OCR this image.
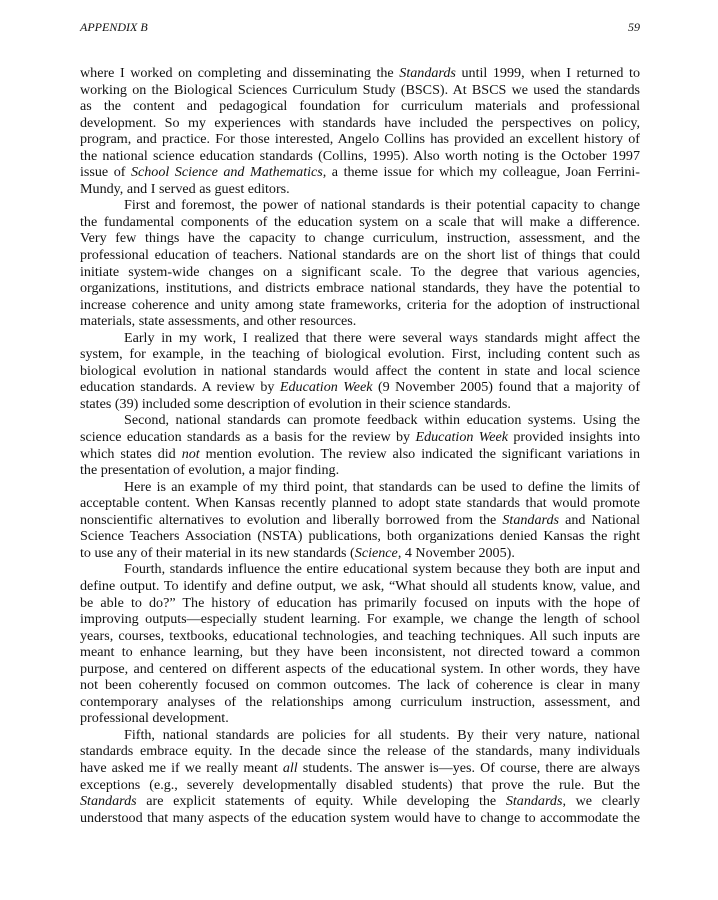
APPENDIX B	59
where I worked on completing and disseminating the Standards until 1999, when I returned to
working on the Biological Sciences Curriculum Study (BSCS). At BSCS we used the standards
as the content and pedagogical foundation for curriculum materials and professional
development. So my experiences with standards have included the perspectives on policy,
program, and practice. For those interested, Angelo Collins has provided an excellent history of
the national science education standards (Collins, 1995). Also worth noting is the October 1997
issue of School Science and Mathematics, a theme issue for which my colleague, Joan Ferrini-
Mundy, and I served as guest editors.
First and foremost, the power of national standards is their potential capacity to change
the fundamental components of the education system on a scale that will make a difference.
Very few things have the capacity to change curriculum, instruction, assessment, and the
professional education of teachers. National standards are on the short list of things that could
initiate system-wide changes on a significant scale. To the degree that various agencies,
organizations, institutions, and districts embrace national standards, they have the potential to
increase coherence and unity among state frameworks, criteria for the adoption of instructional
materials, state assessments, and other resources.
Early in my work, I realized that there were several ways standards might affect the
system, for example, in the teaching of biological evolution. First, including content such as
biological evolution in national standards would affect the content in state and local science
education standards. A review by Education Week (9 November 2005) found that a majority of
states (39) included some description of evolution in their science standards.
Second, national standards can promote feedback within education systems. Using the
science education standards as a basis for the review by Education Week provided insights into
which states did not mention evolution. The review also indicated the significant variations in
the presentation of evolution, a major finding.
Here is an example of my third point, that standards can be used to define the limits of
acceptable content. When Kansas recently planned to adopt state standards that would promote
nonscientific alternatives to evolution and liberally borrowed from the Standards and National
Science Teachers Association (NSTA) publications, both organizations denied Kansas the right
to use any of their material in its new standards (Science, 4 November 2005).
Fourth, standards influence the entire educational system because they both are input and
define output. To identify and define output, we ask, “What should all students know, value, and
be able to do?” The history of education has primarily focused on inputs with the hope of
improving outputs—especially student learning. For example, we change the length of school
years, courses, textbooks, educational technologies, and teaching techniques. All such inputs are
meant to enhance learning, but they have been inconsistent, not directed toward a common
purpose, and centered on different aspects of the educational system. In other words, they have
not been coherently focused on common outcomes. The lack of coherence is clear in many
contemporary analyses of the relationships among curriculum instruction, assessment, and
professional development.
Fifth, national standards are policies for all students. By their very nature, national
standards embrace equity. In the decade since the release of the standards, many individuals
have asked me if we really meant all students. The answer is—yes. Of course, there are always
exceptions (e.g., severely developmentally disabled students) that prove the rule. But the
Standards are explicit statements of equity. While developing the Standards, we clearly
understood that many aspects of the education system would have to change to accommodate the
